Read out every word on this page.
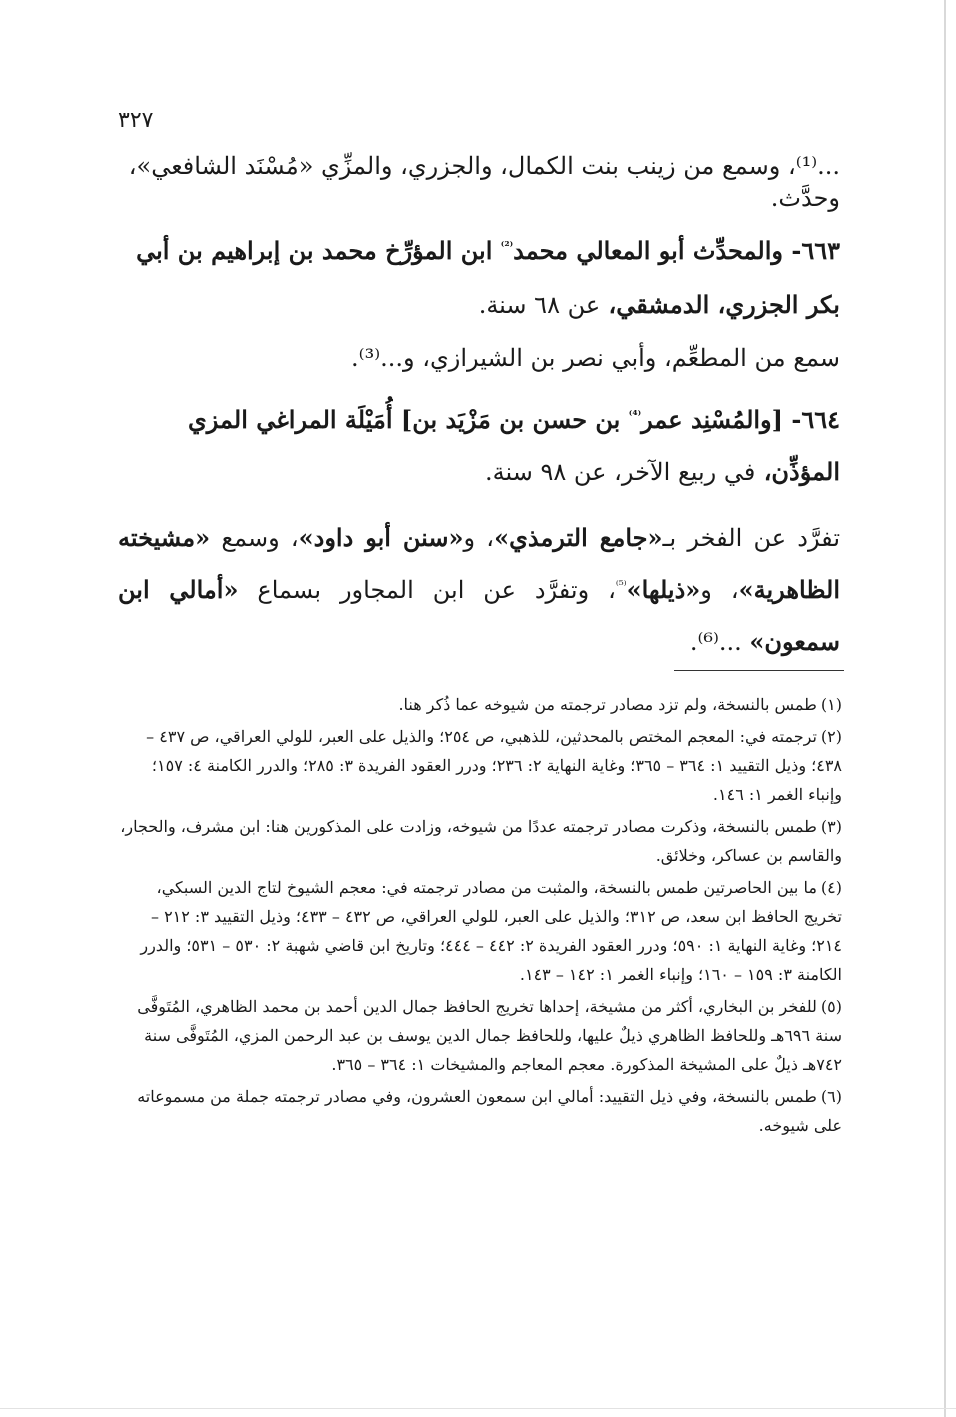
٣٢٧

...⁽¹⁾، وسمع من زينب بنت الكمال، والجزري، والمزِّي «مُسْنَد الشافعي»، وحدَّث.

٦٦٣- والمحدِّث أبو المعالي محمد$^{^{(2)}}$ ابن المؤرِّخ محمد بن إبراهيم بن أبي بكر الجزري، الدمشقي، عن ٦٨ سنة.

سمع من المطعِّم، وأبي نصر بن الشيرازي، و...⁽³⁾.

٦٦٤- [والمُسْنِد عمر$^{^{(4)}}$ بن حسن بن مَزْيَد بن] أُمَيْلَة المراغي المزي المؤذِّن، في ربيع الآخر، عن ٩٨ سنة.

تفرَّد عن الفخر بـ«جامع الترمذي»، و«سنن أبو داود»، وسمع «مشيخته الظاهرية»، و«ذيلها»$^{^{(5)}}$، وتفرَّد عن ابن المجاور بسماع «أمالي ابن سمعون» ...⁽⁶⁾.

(١)طمس بالنسخة، ولم تزد مصادر ترجمته من شيوخه عما ذُكر هنا.

(٢)ترجمته في: المعجم المختص بالمحدثين، للذهبي، ص ٢٥٤؛ والذيل على العبر، للولي العراقي، ص ٤٣٧ – ٤٣٨؛ وذيل التقييد ١: ٣٦٤ – ٣٦٥؛ وغاية النهاية ٢: ٢٣٦؛ ودرر العقود الفريدة ٣: ٢٨٥؛ والدرر الكامنة ٤: ١٥٧؛ وإنباء الغمر ١: ١٤٦.

(٣)طمس بالنسخة، وذكرت مصادر ترجمته عددًا من شيوخه، وزادت على المذكورين هنا: ابن مشرف، والحجار، والقاسم بن عساكر، وخلائق.

(٤)ما بين الحاصرتين طمس بالنسخة، والمثبت من مصادر ترجمته في: معجم الشيوخ لتاج الدين السبكي، تخريج الحافظ ابن سعد، ص ٣١٢؛ والذيل على العبر، للولي العراقي، ص ٤٣٢ – ٤٣٣؛ وذيل التقييد ٣: ٢١٢ – ٢١٤؛ وغاية النهاية ١: ٥٩٠؛ ودرر العقود الفريدة ٢: ٤٤٢ – ٤٤٤؛ وتاريخ ابن قاضي شهبة ٢: ٥٣٠ – ٥٣١؛ والدرر الكامنة ٣: ١٥٩ – ١٦٠؛ وإنباء الغمر ١: ١٤٢ – ١٤٣.

(٥)للفخر بن البخاري، أكثر من مشيخة، إحداها تخريج الحافظ جمال الدين أحمد بن محمد الظاهري، المُتَوفَّى سنة ٦٩٦هـ وللحافظ الظاهري ذيلٌ عليها، وللحافظ جمال الدين يوسف بن عبد الرحمن المزي، المُتَوفَّى سنة ٧٤٢هـ ذيلٌ على المشيخة المذكورة. معجم المعاجم والمشيخات ١: ٣٦٤ – ٣٦٥.

(٦)طمس بالنسخة، وفي ذيل التقييد: أمالي ابن سمعون العشرون، وفي مصادر ترجمته جملة من مسموعاته على شيوخه.
